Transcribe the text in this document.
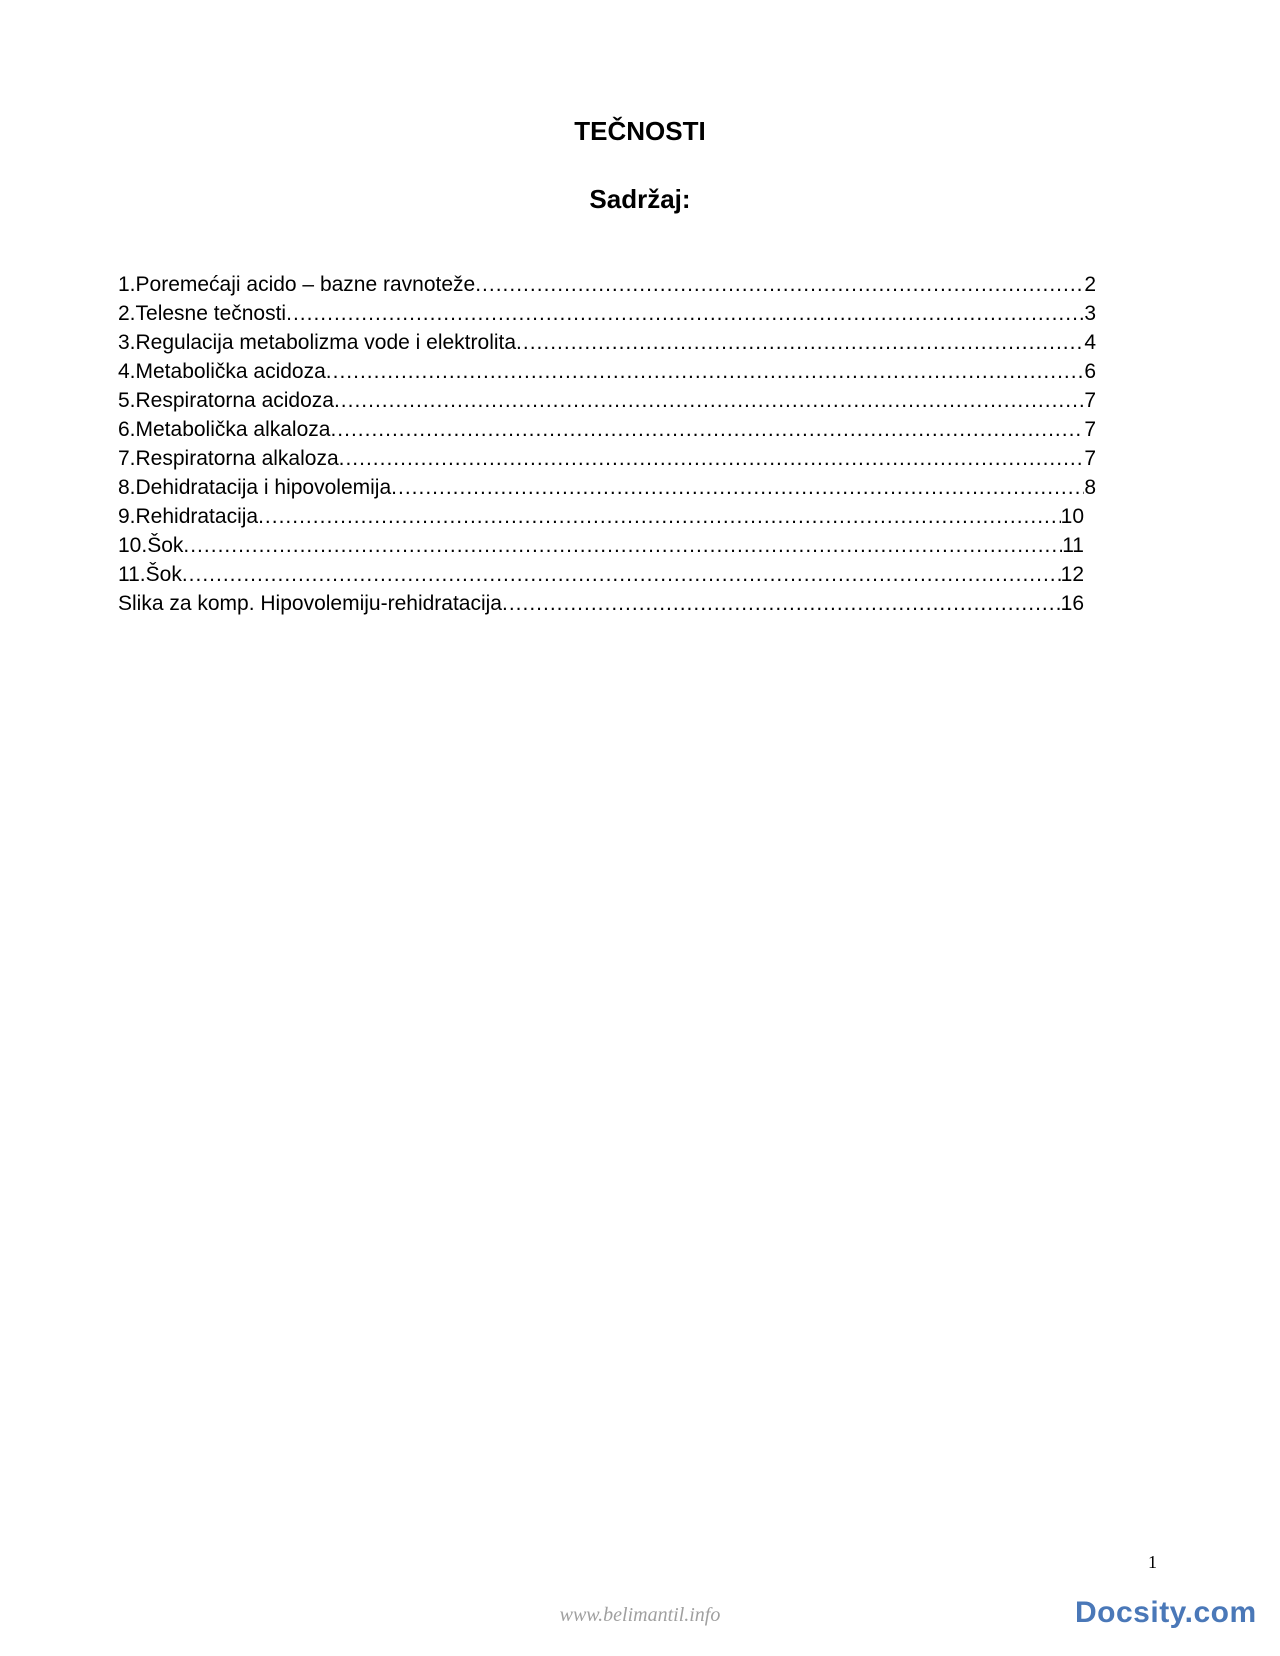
TEČNOSTI
Sadržaj:
1.Poremećaji acido – bazne ravnoteže .....	2
2.Telesne tečnosti .....	3
3.Regulacija metabolizma vode i elektrolita .....	4
4.Metabolička acidoza .....	6
5.Respiratorna acidoza .....	7
6.Metabolička alkaloza .....	7
7.Respiratorna alkaloza .....	7
8.Dehidratacija i hipovolemija .....	8
9.Rehidratacija .....	10
10.Šok .....	11
11.Šok .....	12
Slika za komp. Hipovolemiju-rehidratacija .....	16
1
www.belimantil.info	Docsity.com
